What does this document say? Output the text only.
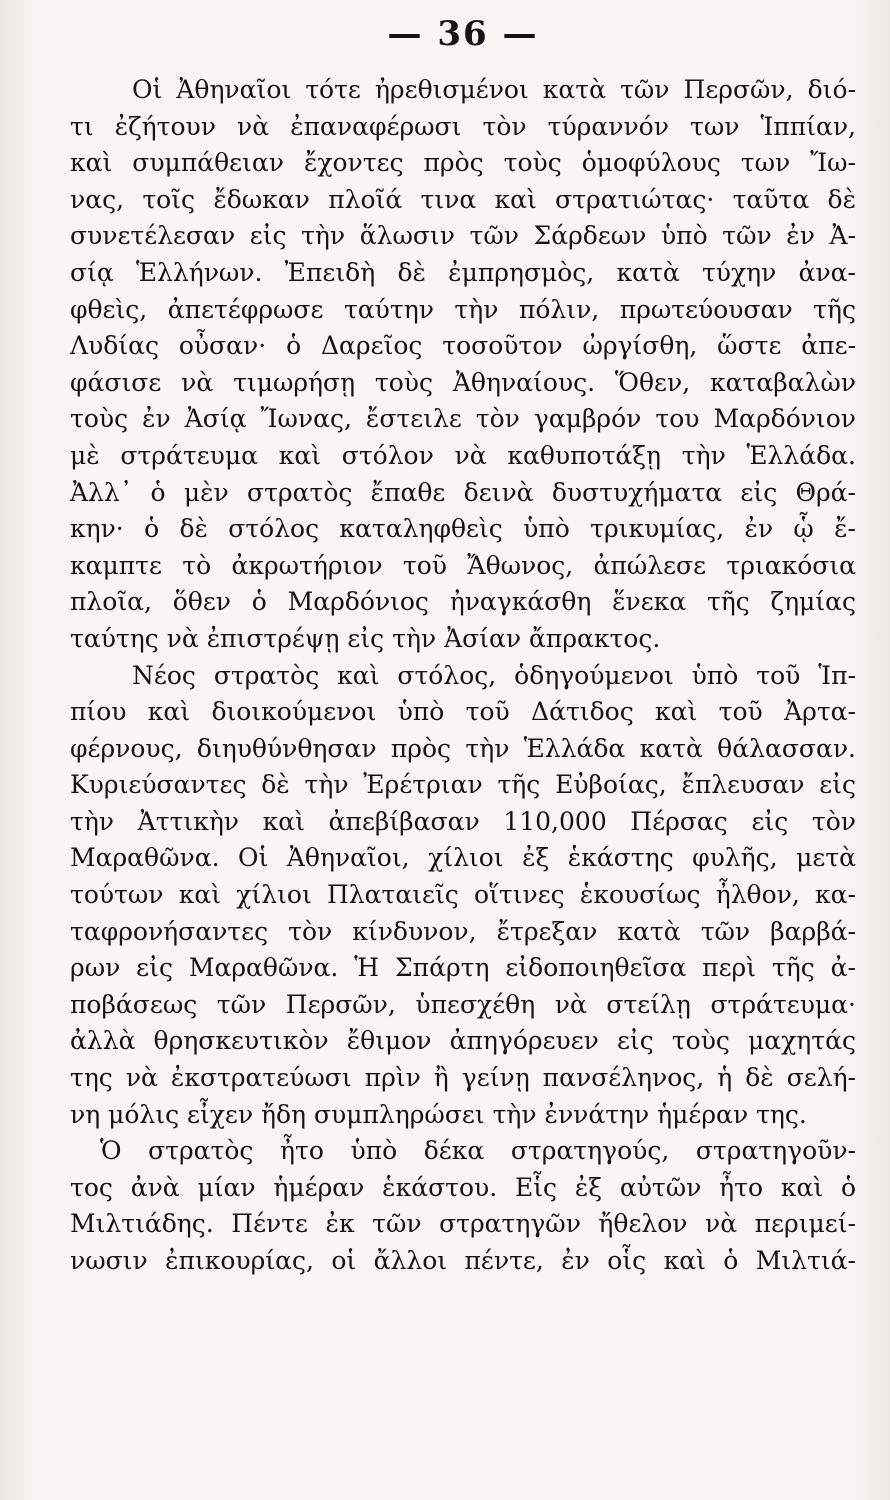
— 36 —
Οἱ Ἀθηναῖοι τότε ἠρεθισμένοι κατὰ τῶν Περσῶν, διό-
τι ἐζήτουν νὰ ἐπαναφέρωσι τὸν τύραννόν των Ἱππίαν,
καὶ συμπάθειαν ἔχοντες πρὸς τοὺς ὁμοφύλους των Ἴω-
νας, τοῖς ἔδωκαν πλοῖά τινα καὶ στρατιώτας· ταῦτα δὲ
συνετέλεσαν εἰς τὴν ἅλωσιν τῶν Σάρδεων ὑπὸ τῶν ἐν Ἀ-
σίᾳ Ἑλλήνων. Ἐπειδὴ δὲ ἐμπρησμὸς, κατὰ τύχην ἀνα-
φθεὶς, ἀπετέφρωσε ταύτην τὴν πόλιν, πρωτεύουσαν τῆς
Λυδίας οὖσαν· ὁ Δαρεῖος τοσοῦτον ὠργίσθη, ὥστε ἀπε-
φάσισε νὰ τιμωρήσῃ τοὺς Ἀθηναίους. Ὅθεν, καταβαλὼν
τοὺς ἐν Ἀσίᾳ Ἴωνας, ἔστειλε τὸν γαμβρόν του Μαρδόνιον
μὲ στράτευμα καὶ στόλον νὰ καθυποτάξῃ τὴν Ἑλλάδα.
Ἀλλ᾽ ὁ μὲν στρατὸς ἔπαθε δεινὰ δυστυχήματα εἰς Θρά-
κην· ὁ δὲ στόλος καταληφθεὶς ὑπὸ τρικυμίας, ἐν ᾧ ἔ-
καμπτε τὸ ἀκρωτήριον τοῦ Ἄθωνος, ἀπώλεσε τριακόσια
πλοῖα, ὅθεν ὁ Μαρδόνιος ἠναγκάσθη ἕνεκα τῆς ζημίας
ταύτης νὰ ἐπιστρέψῃ εἰς τὴν Ἀσίαν ἄπρακτος.
Νέος στρατὸς καὶ στόλος, ὁδηγούμενοι ὑπὸ τοῦ Ἱπ-
πίου καὶ διοικούμενοι ὑπὸ τοῦ Δάτιδος καὶ τοῦ Ἀρτα-
φέρνους, διηυθύνθησαν πρὸς τὴν Ἑλλάδα κατὰ θάλασσαν.
Κυριεύσαντες δὲ τὴν Ἐρέτριαν τῆς Εὐβοίας, ἔπλευσαν εἰς
τὴν Ἀττικὴν καὶ ἀπεβίβασαν 110,000 Πέρσας εἰς τὸν
Μαραθῶνα. Οἱ Ἀθηναῖοι, χίλιοι ἐξ ἑκάστης φυλῆς, μετὰ
τούτων καὶ χίλιοι Πλαταιεῖς οἵτινες ἑκουσίως ἦλθον, κα-
ταφρονήσαντες τὸν κίνδυνον, ἔτρεξαν κατὰ τῶν βαρβά-
ρων εἰς Μαραθῶνα. Ἡ Σπάρτη εἰδοποιηθεῖσα περὶ τῆς ἀ-
ποβάσεως τῶν Περσῶν, ὑπεσχέθη νὰ στείλῃ στράτευμα·
ἀλλὰ θρησκευτικὸν ἔθιμον ἀπηγόρευεν εἰς τοὺς μαχητάς
της νὰ ἐκστρατεύωσι πρὶν ἢ γείνῃ πανσέληνος, ἡ δὲ σελή-
νη μόλις εἶχεν ἤδη συμπληρώσει τὴν ἐννάτην ἡμέραν της.
Ὁ στρατὸς ἦτο ὑπὸ δέκα στρατηγούς, στρατηγοῦν-
τος ἀνὰ μίαν ἡμέραν ἑκάστου. Εἷς ἐξ αὐτῶν ἦτο καὶ ὁ
Μιλτιάδης. Πέντε ἐκ τῶν στρατηγῶν ἤθελον νὰ περιμεί-
νωσιν ἐπικουρίας, οἱ ἄλλοι πέντε, ἐν οἷς καὶ ὁ Μιλτιά-
